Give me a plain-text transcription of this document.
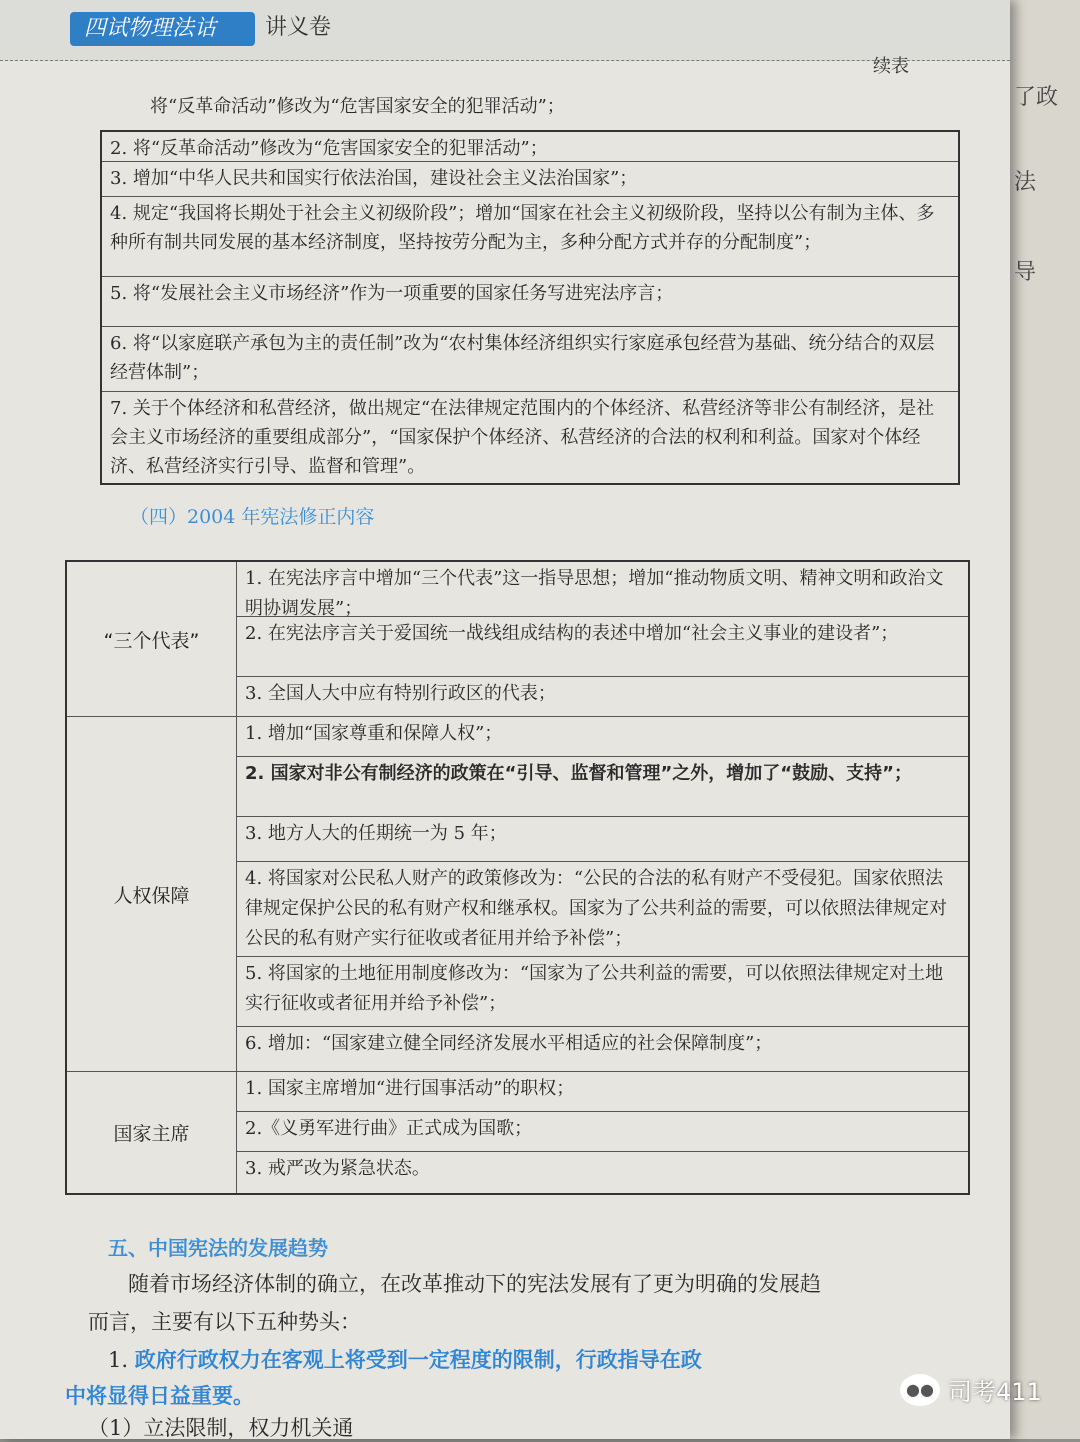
了政
法
导
四试物理法诂	讲义卷
续表
将“反革命活动”修改为“危害国家安全的犯罪活动”；
2. 将“反革命活动”修改为“危害国家安全的犯罪活动”；
3. 增加“中华人民共和国实行依法治国，建设社会主义法治国家”；
4. 规定“我国将长期处于社会主义初级阶段”；增加“国家在社会主义初级阶段，坚持以公有制为主体、多种所有制共同发展的基本经济制度，坚持按劳分配为主，多种分配方式并存的分配制度”；
5. 将“发展社会主义市场经济”作为一项重要的国家任务写进宪法序言；
6. 将“以家庭联产承包为主的责任制”改为“农村集体经济组织实行家庭承包经营为基础、统分结合的双层经营体制”；
7. 关于个体经济和私营经济，做出规定“在法律规定范围内的个体经济、私营经济等非公有制经济，是社会主义市场经济的重要组成部分”，“国家保护个体经济、私营经济的合法的权利和利益。国家对个体经济、私营经济实行引导、监督和管理”。
（四）2004 年宪法修正内容
“三个代表”
1. 在宪法序言中增加“三个代表”这一指导思想；增加“推动物质文明、精神文明和政治文明协调发展”；
2. 在宪法序言关于爱国统一战线组成结构的表述中增加“社会主义事业的建设者”；
3. 全国人大中应有特别行政区的代表；
人权保障
1. 增加“国家尊重和保障人权”；
2. 国家对非公有制经济的政策在“引导、监督和管理”之外，增加了“鼓励、支持”；
3. 地方人大的任期统一为 5 年；
4. 将国家对公民私人财产的政策修改为：“公民的合法的私有财产不受侵犯。国家依照法律规定保护公民的私有财产权和继承权。国家为了公共利益的需要，可以依照法律规定对公民的私有财产实行征收或者征用并给予补偿”；
5. 将国家的土地征用制度修改为：“国家为了公共利益的需要，可以依照法律规定对土地实行征收或者征用并给予补偿”；
6. 增加：“国家建立健全同经济发展水平相适应的社会保障制度”；
国家主席
1. 国家主席增加“进行国事活动”的职权；
2.《义勇军进行曲》正式成为国歌；
3. 戒严改为紧急状态。
五、中国宪法的发展趋势
随着市场经济体制的确立，在改革推动下的宪法发展有了更为明确的发展趋
而言，主要有以下五种势头：
1. 政府行政权力在客观上将受到一定程度的限制，行政指导在政
中将显得日益重要。
（1）立法限制，权力机关通
●● 司考411
